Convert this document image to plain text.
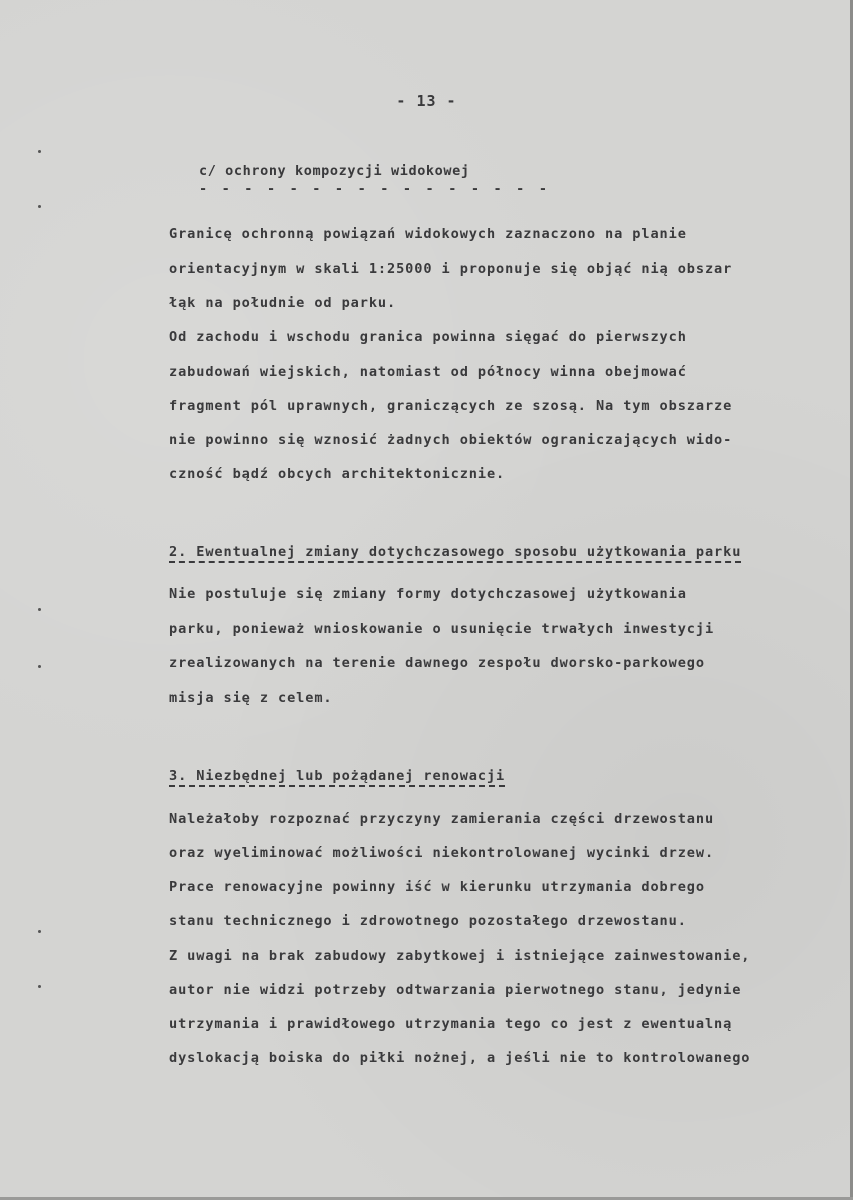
- 13 -
c/ ochrony kompozycji widokowej
- - - - - - - - - - - - - - - -
Granicę ochronną powiązań widokowych zaznaczono na planie
orientacyjnym w skali 1:25000 i proponuje się objąć nią obszar
łąk na południe od parku.
Od zachodu i wschodu granica powinna sięgać do pierwszych
zabudowań wiejskich, natomiast od północy winna obejmować
fragment pól uprawnych, graniczących ze szosą. Na tym obszarze
nie powinno się wznosić żadnych obiektów ograniczających wido-
czność bądź obcych architektonicznie.
2. Ewentualnej zmiany dotychczasowego sposobu użytkowania parku
Nie postuluje się zmiany formy dotychczasowej użytkowania
parku, ponieważ wnioskowanie o usunięcie trwałych inwestycji
zrealizowanych na terenie dawnego zespołu dworsko-parkowego
misja się z celem.
3. Niezbędnej lub pożądanej renowacji
Należałoby rozpoznać przyczyny zamierania części drzewostanu
oraz wyeliminować możliwości niekontrolowanej wycinki drzew.
Prace renowacyjne powinny iść w kierunku utrzymania dobrego
stanu technicznego i zdrowotnego pozostałego drzewostanu.
Z uwagi na brak zabudowy zabytkowej i istniejące zainwestowanie,
autor nie widzi potrzeby odtwarzania pierwotnego stanu, jedynie
utrzymania i prawidłowego utrzymania tego co jest z ewentualną
dyslokacją boiska do piłki nożnej, a jeśli nie to kontrolowanego
